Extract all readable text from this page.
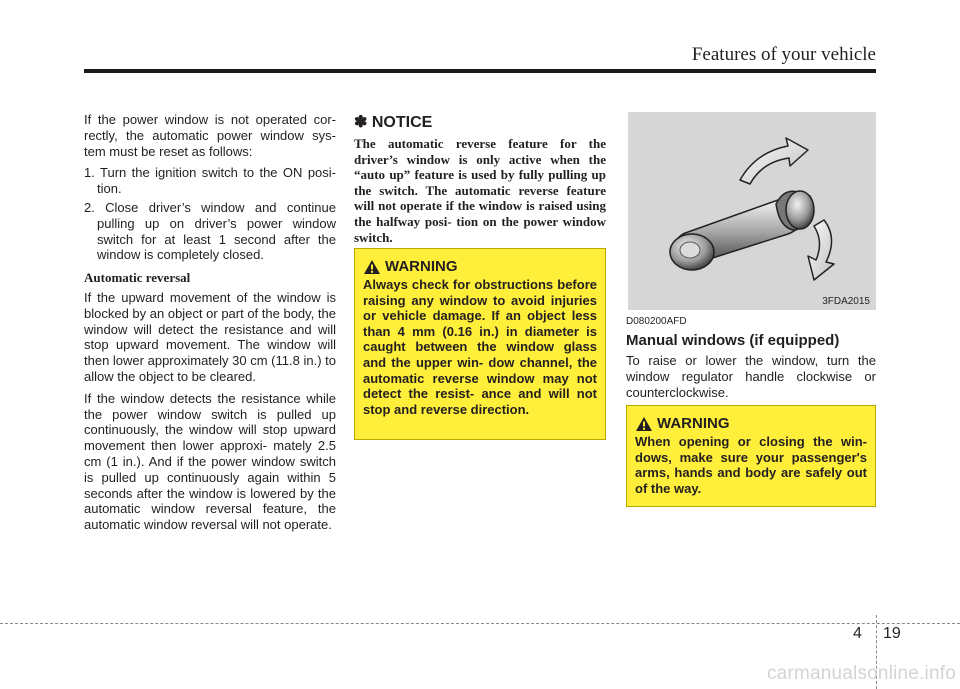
Features of your vehicle

If the power window is not operated cor- rectly, the automatic power window sys- tem must be reset as follows:

1. Turn the ignition switch to the ON posi- tion.
2. Close driver’s window and continue pulling up on driver’s power window switch for at least 1 second after the window is completely closed.
Automatic reversal

If the upward movement of the window is blocked by an object or part of the body, the window will detect the resistance and will stop upward movement. The window will then lower approximately 30 cm (11.8 in.) to allow the object to be cleared.

If the window detects the resistance while the power window switch is pulled up continuously, the window will stop upward movement then lower approxi- mately 2.5 cm (1 in.). And if the power window switch is pulled up continuously again within 5 seconds after the window is lowered by the automatic window reversal feature, the automatic window reversal will not operate.

✽ NOTICE

The automatic reverse feature for the driver’s window is only active when the “auto up” feature is used by fully pulling up the switch. The automatic reverse feature will not operate if the window is raised using the halfway posi- tion on the power window switch.

WARNING

Always check for obstructions before raising any window to avoid injuries or vehicle damage. If an object less than 4 mm (0.16 in.) in diameter is caught between the window glass and the upper win- dow channel, the automatic reverse window may not detect the resist- ance and will not stop and reverse direction.

3FDA2015
D080200AFD
Manual windows (if equipped)

To raise or lower the window, turn the window regulator handle clockwise or counterclockwise.

WARNING

When opening or closing the win- dows, make sure your passenger's arms, hands and body are safely out of the way.

4 19
carmanualsonline.info
